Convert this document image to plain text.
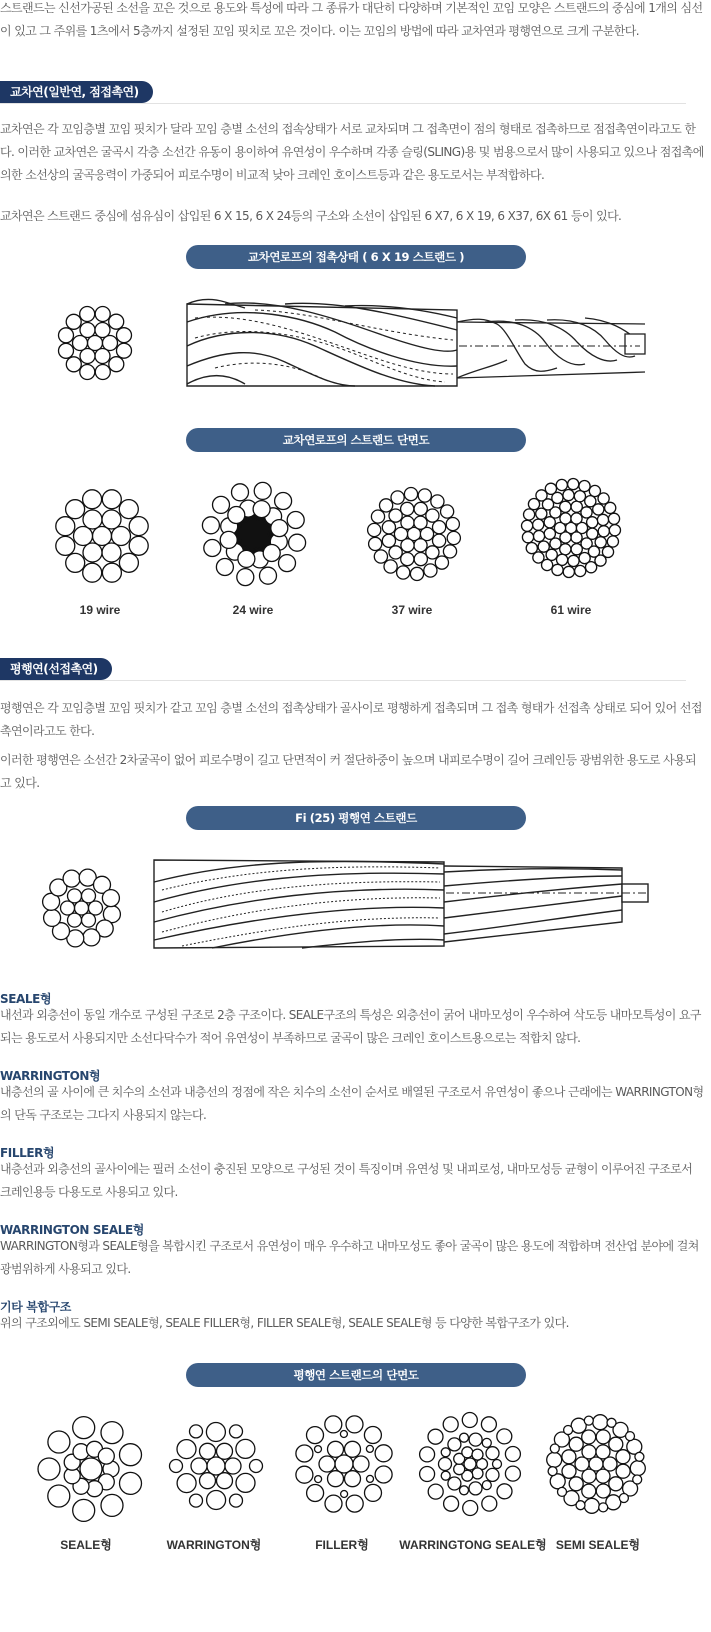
스트랜드는 신선가공된 소선을 꼬은 것으로 용도와 특성에 따라 그 종류가 대단히 다양하며 기본적인 꼬임 모양은 스트랜드의 중심에 1개의 심선이 있고 그 주위를 1츠에서 5층까지 설정된 꼬임 핏치로 꼬은 것이다. 이는 꼬임의 방법에 따라 교차연과 평행연으로 크게 구분한다.
교차연(일반연, 점접촉연)
교차연은 각 꼬임층별 꼬임 핏치가 달라 꼬임 층별 소선의 접속상태가 서로 교차되며 그 접촉면이 점의 형태로 접촉하므로 점접촉연이라고도 한다. 이러한 교차연은 굴곡시 각층 소선간 유동이 용이하여 유연성이 우수하며 각종 슬링(SLING)용 및 범용으로서 많이 사용되고 있으나 점접촉에 의한 소선상의 굴곡응력이 가중되어 피로수명이 비교적 낮아 크레인 호이스트등과 같은 용도로서는 부적합하다.
교차연은 스트랜드 중심에 섬유심이 삽입된 6 X 15, 6 X 24등의 구소와 소선이 삽입된 6 X7, 6 X 19, 6 X37, 6X 61 등이 있다.
교차연로프의 접촉상태 ( 6 X 19 스트랜드 )
교차연로프의 스트랜드 단면도
19 wire	24 wire	37 wire	61 wire
평행연(선접촉연)
평행연은 각 꼬임층별 꼬임 핏치가 같고 꼬임 층별 소선의 접촉상태가 골사이로 평행하게 접촉되며 그 접촉 형태가 선접촉 상태로 되어 있어 선접촉연이라고도 한다.
이러한 평행연은 소선간 2차굴곡이 없어 피로수명이 길고 단면적이 커 절단하중이 높으며 내피로수명이 길어 크레인등 광범위한 용도로 사용되고 있다.
Fi (25) 평행연 스트랜드
SEALE형
내선과 외층선이 동일 개수로 구성된 구조로 2층 구조이다. SEALE구조의 특성은 외층선이 굵어 내마모성이 우수하여 삭도등 내마모특성이 요구되는 용도로서 사용되지만 소선다닥수가 적어 유연성이 부족하므로 굴곡이 많은 크레인 호이스트용으로는 적합치 않다.
WARRINGTON형
내층선의 골 사이에 큰 치수의 소선과 내층선의 정점에 작은 치수의 소선이 순서로 배열된 구조로서 유연성이 좋으나 근래에는 WARRINGTON형의 단독 구조로는 그다지 사용되지 않는다.
FILLER형
내층선과 외층선의 골사이에는 필러 소선이 충진된 모양으로 구성된 것이 특징이며 유연성 및 내피로성, 내마모성등 균형이 이루어진 구조로서 크레인용등 다용도로 사용되고 있다.
WARRINGTON SEALE형
WARRINGTON형과 SEALE형을 복합시킨 구조로서 유연성이 매우 우수하고 내마모성도 좋아 굴곡이 많은 용도에 적합하며 전산업 분야에 걸쳐 광범위하게 사용되고 있다.
기타 복합구조
위의 구조외에도 SEMI SEALE형, SEALE FILLER형, FILLER SEALE형, SEALE SEALE형 등 다양한 복합구조가 있다.
평행연 스트랜드의 단면도
SEALE형	WARRINGTON형	FILLER형	WARRINGTONG SEALE형 SEMI SEALE형
